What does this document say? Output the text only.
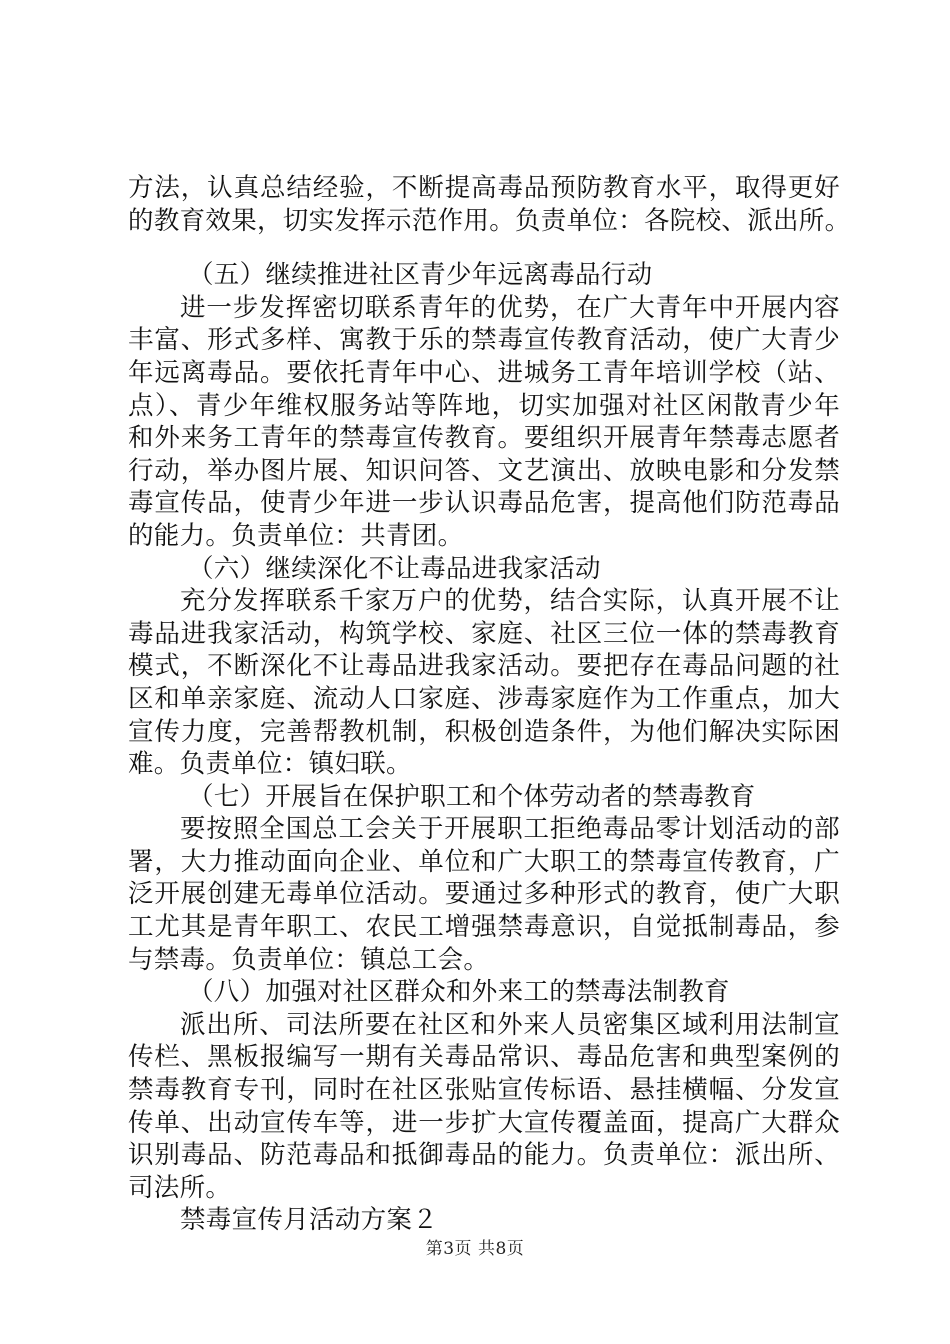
方法，认真总结经验，不断提高毒品预防教育水平，取得更好
的教育效果，切实发挥示范作用。负责单位：各院校、派出所。
（五）继续推进社区青少年远离毒品行动
进一步发挥密切联系青年的优势，在广大青年中开展内容
丰富、形式多样、寓教于乐的禁毒宣传教育活动，使广大青少
年远离毒品。要依托青年中心、进城务工青年培训学校（站、
点）、青少年维权服务站等阵地，切实加强对社区闲散青少年
和外来务工青年的禁毒宣传教育。要组织开展青年禁毒志愿者
行动，举办图片展、知识问答、文艺演出、放映电影和分发禁
毒宣传品，使青少年进一步认识毒品危害，提高他们防范毒品
的能力。负责单位：共青团。
（六）继续深化不让毒品进我家活动
充分发挥联系千家万户的优势，结合实际，认真开展不让
毒品进我家活动，构筑学校、家庭、社区三位一体的禁毒教育
模式，不断深化不让毒品进我家活动。要把存在毒品问题的社
区和单亲家庭、流动人口家庭、涉毒家庭作为工作重点，加大
宣传力度，完善帮教机制，积极创造条件，为他们解决实际困
难。负责单位：镇妇联。
（七）开展旨在保护职工和个体劳动者的禁毒教育
要按照全国总工会关于开展职工拒绝毒品零计划活动的部
署，大力推动面向企业、单位和广大职工的禁毒宣传教育，广
泛开展创建无毒单位活动。要通过多种形式的教育，使广大职
工尤其是青年职工、农民工增强禁毒意识，自觉抵制毒品，参
与禁毒。负责单位：镇总工会。
（八）加强对社区群众和外来工的禁毒法制教育
派出所、司法所要在社区和外来人员密集区域利用法制宣
传栏、黑板报编写一期有关毒品常识、毒品危害和典型案例的
禁毒教育专刊，同时在社区张贴宣传标语、悬挂横幅、分发宣
传单、出动宣传车等，进一步扩大宣传覆盖面，提高广大群众
识别毒品、防范毒品和抵御毒品的能力。负责单位：派出所、
司法所。
禁毒宣传月活动方案２
第3页 共8页
